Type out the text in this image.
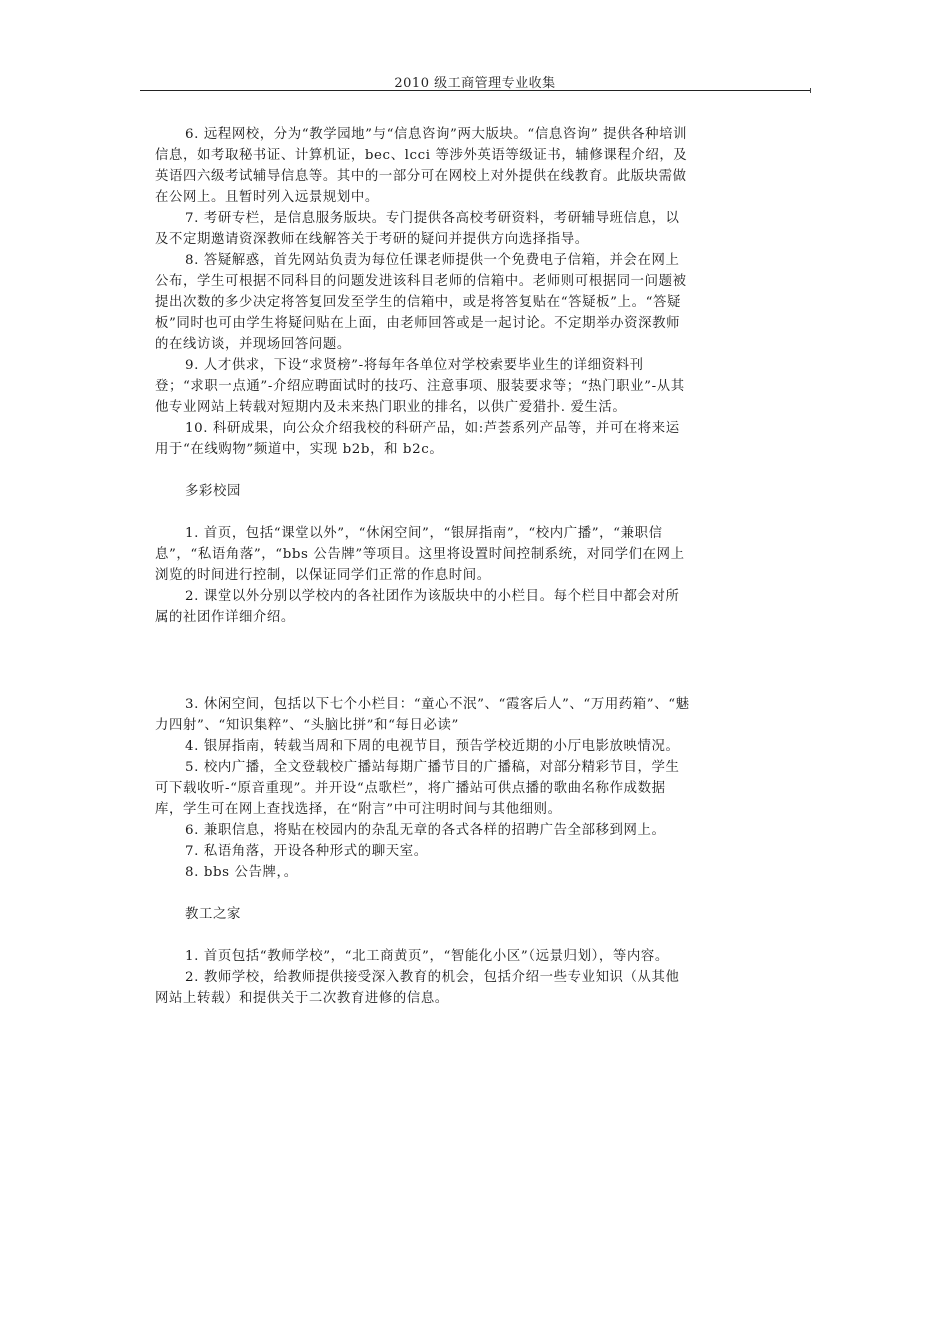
2010 级工商管理专业收集

6. 远程网校，分为“教学园地”与“信息咨询”两大版块。“信息咨询” 提供各种培训信息，如考取秘书证、计算机证，bec、lcci 等涉外英语等级证书，辅修课程介绍，及英语四六级考试辅导信息等。其中的一部分可在网校上对外提供在线教育。此版块需做在公网上。且暂时列入远景规划中。

7. 考研专栏，是信息服务版块。专门提供各高校考研资料，考研辅导班信息，以及不定期邀请资深教师在线解答关于考研的疑问并提供方向选择指导。

8. 答疑解惑，首先网站负责为每位任课老师提供一个免费电子信箱，并会在网上公布，学生可根据不同科目的问题发进该科目老师的信箱中。老师则可根据同一问题被提出次数的多少决定将答复回发至学生的信箱中，或是将答复贴在“答疑板”上。“答疑板”同时也可由学生将疑问贴在上面，由老师回答或是一起讨论。不定期举办资深教师的在线访谈，并现场回答问题。

9. 人才供求，下设“求贤榜”-将每年各单位对学校索要毕业生的详细资料刊登；“求职一点通”-介绍应聘面试时的技巧、注意事项、服装要求等；“热门职业”-从其他专业网站上转载对短期内及未来热门职业的排名，以供广爱猎扑. 爱生活。

10. 科研成果，向公众介绍我校的科研产品，如:芦荟系列产品等，并可在将来运用于“在线购物”频道中，实现 b2b，和 b2c。

多彩校园

1. 首页，包括“课堂以外”，“休闲空间”，“银屏指南”，“校内广播”，“兼职信息”，“私语角落”，“bbs 公告牌”等项目。这里将设置时间控制系统，对同学们在网上浏览的时间进行控制，以保证同学们正常的作息时间。

2. 课堂以外分别以学校内的各社团作为该版块中的小栏目。每个栏目中都会对所属的社团作详细介绍。

3. 休闲空间，包括以下七个小栏目：“童心不泯”、“霞客后人”、“万用药箱”、“魅力四射”、“知识集粹”、“头脑比拼”和“每日必读”

4. 银屏指南，转载当周和下周的电视节目，预告学校近期的小厅电影放映情况。

5. 校内广播，全文登载校广播站每期广播节目的广播稿，对部分精彩节目，学生可下载收听-“原音重现”。并开设“点歌栏”，将广播站可供点播的歌曲名称作成数据库，学生可在网上查找选择，在“附言”中可注明时间与其他细则。

6. 兼职信息，将贴在校园内的杂乱无章的各式各样的招聘广告全部移到网上。

7. 私语角落，开设各种形式的聊天室。

8. bbs 公告牌，。

教工之家

1. 首页包括“教师学校”，“北工商黄页”，“智能化小区”（远景归划），等内容。

2. 教师学校，给教师提供接受深入教育的机会，包括介绍一些专业知识（从其他网站上转载）和提供关于二次教育进修的信息。
